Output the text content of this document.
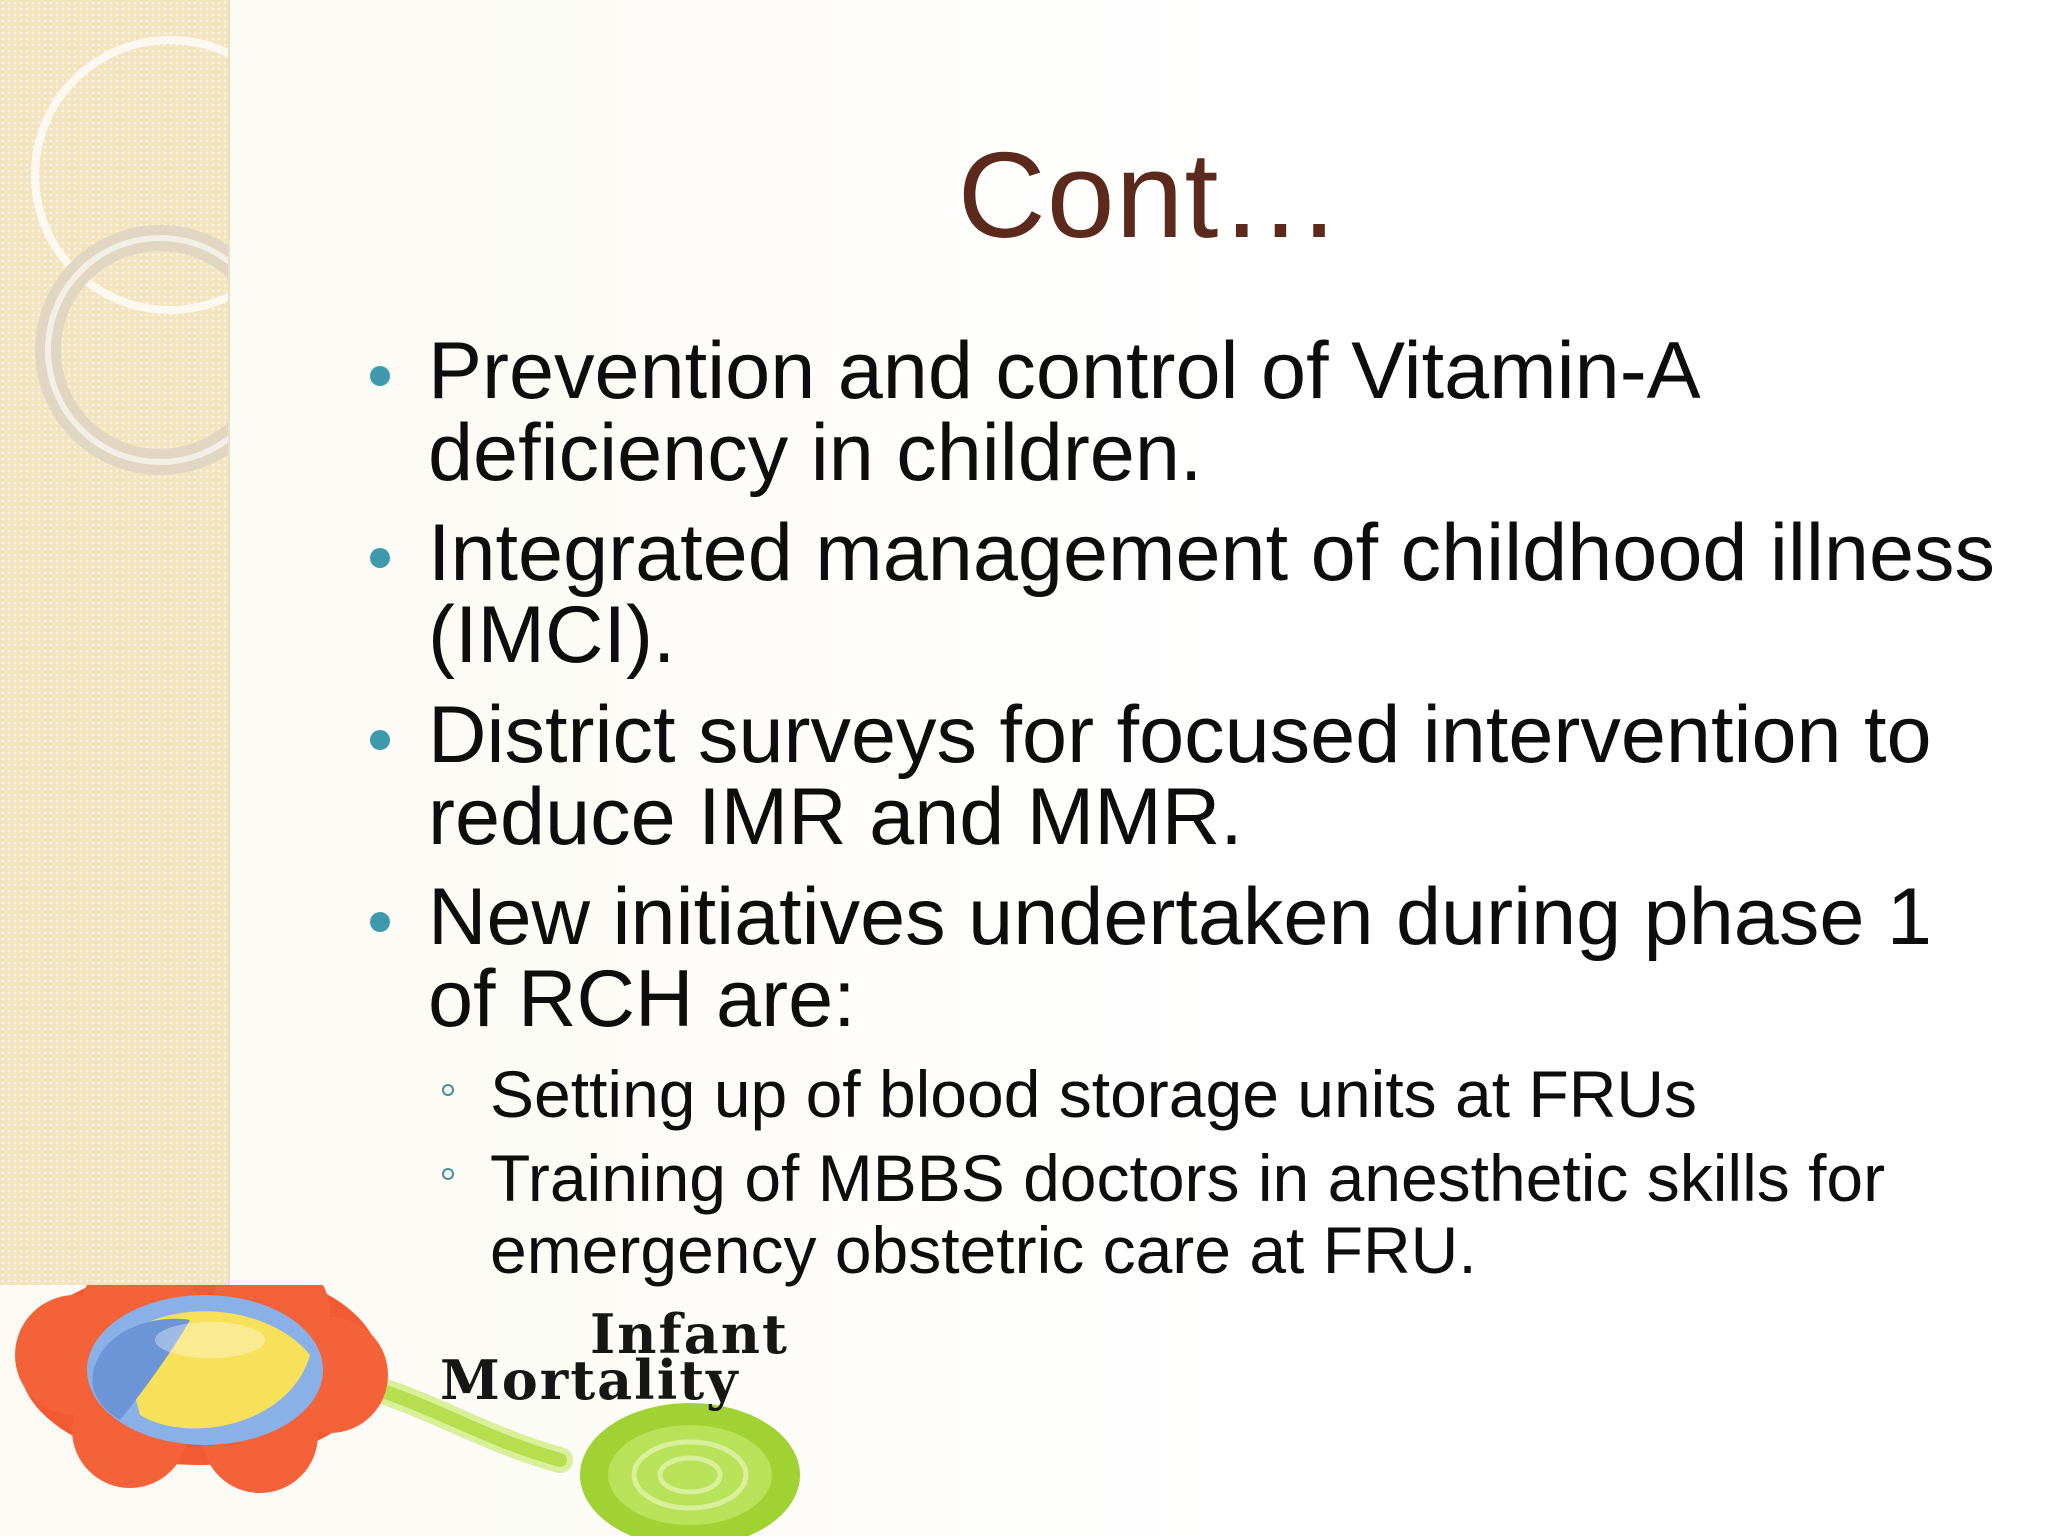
Cont…
Prevention and control of Vitamin-A deficiency in children.
Integrated management of childhood illness (IMCI).
District surveys for focused intervention to reduce IMR and MMR.
New initiatives undertaken during phase 1 of RCH are:
Setting up of blood storage units at FRUs
Training of MBBS doctors in anesthetic skills for emergency obstetric care at FRU.
Infant
Mortality
